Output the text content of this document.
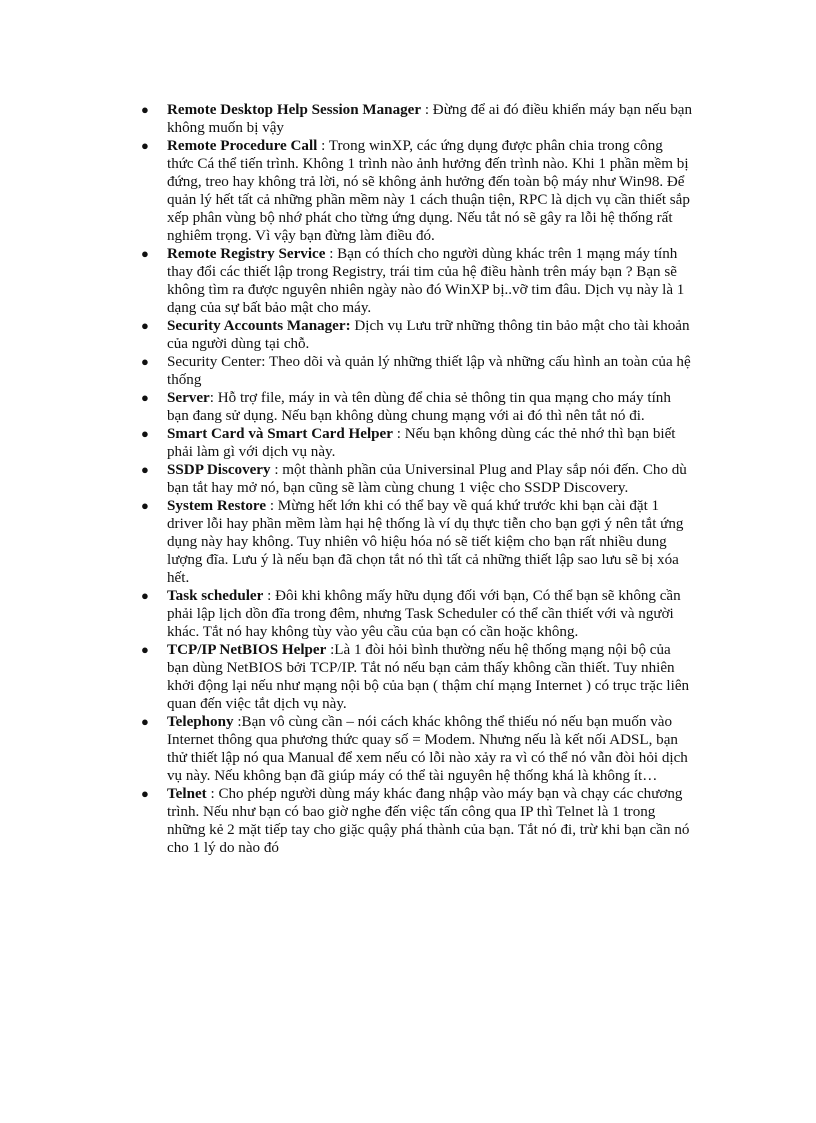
● Remote Desktop Help Session Manager : Đừng để ai đó điều khiển máy bạn nếu bạn không muốn bị vậy
● Remote Procedure Call : Trong winXP, các ứng dụng được phân chia trong công thức Cá thể tiến trình. Không 1 trình nào ảnh hưởng đến trình nào. Khi 1 phần mềm bị đứng, treo hay không trả lời, nó sẽ không ảnh hưởng đến toàn bộ máy như Win98. Để quản lý hết tất cả những phần mềm này 1 cách thuận tiện, RPC là dịch vụ cần thiết sắp xếp phân vùng bộ nhớ phát cho từng ứng dụng. Nếu tắt nó sẽ gây ra lỗi hệ thống rất nghiêm trọng. Vì vậy bạn đừng làm điều đó.
● Remote Registry Service : Bạn có thích cho người dùng khác trên 1 mạng máy tính thay đổi các thiết lập trong Registry, trái tim của hệ điều hành trên máy bạn ? Bạn sẽ không tìm ra được nguyên nhiên ngày nào đó WinXP bị..vỡ tim đâu. Dịch vụ này là 1 dạng của sự bất bảo mật cho máy.
● Security Accounts Manager: Dịch vụ Lưu trữ những thông tin bảo mật cho tài khoản của người dùng tại chỗ.
● Security Center: Theo dõi và quản lý những thiết lập và những cấu hình an toàn của hệ thống
● Server: Hỗ trợ file, máy in và tên dùng để chia sẻ thông tin qua mạng cho máy tính bạn đang sử dụng. Nếu bạn không dùng chung mạng với ai đó thì nên tắt nó đi.
● Smart Card và Smart Card Helper : Nếu bạn không dùng các thẻ nhớ thì bạn biết phải làm gì với dịch vụ này.
● SSDP Discovery : một thành phần của Universinal Plug and Play sắp nói đến. Cho dù bạn tắt hay mở nó, bạn cũng sẽ làm cùng chung 1 việc cho SSDP Discovery.
● System Restore : Mừng hết lớn khi có thể bay về quá khứ trước khi bạn cài đặt 1 driver lỗi hay phần mềm làm hại hệ thống là ví dụ thực tiễn cho bạn gợi ý nên tắt ứng dụng này hay không. Tuy nhiên vô hiệu hóa nó sẽ tiết kiệm cho bạn rất nhiều dung lượng đĩa. Lưu ý là nếu bạn đã chọn tắt nó thì tất cả những thiết lập sao lưu sẽ bị xóa hết.
● Task scheduler : Đôi khi không mấy hữu dụng đối với bạn, Có thể bạn sẽ không cần phải lập lịch dồn đĩa trong đêm, nhưng Task Scheduler có thể cần thiết với và người khác. Tắt nó hay không tùy vào yêu cầu của bạn có cần hoặc không.
● TCP/IP NetBIOS Helper :Là 1 đòi hỏi bình thường nếu hệ thống mạng nội bộ của bạn dùng NetBIOS bởi TCP/IP. Tắt nó nếu bạn cảm thấy không cần thiết. Tuy nhiên khởi động lại nếu như mạng nội bộ của bạn ( thậm chí mạng Internet ) có trục trặc liên quan đến việc tắt dịch vụ này.
● Telephony :Bạn vô cùng cần – nói cách khác không thể thiếu nó nếu bạn muốn vào Internet thông qua phương thức quay số = Modem. Nhưng nếu là kết nối ADSL, bạn thử thiết lập nó qua Manual để xem nếu có lỗi nào xảy ra vì có thể nó vẫn đòi hỏi dịch vụ này. Nếu không bạn đã giúp máy có thể tài nguyên hệ thống khá là không ít…
● Telnet : Cho phép người dùng máy khác đang nhập vào máy bạn và chạy các chương trình. Nếu như bạn có bao giờ nghe đến việc tấn công qua IP thì Telnet là 1 trong những kẻ 2 mặt tiếp tay cho giặc quậy phá thành của bạn. Tắt nó đi, trừ khi bạn cần nó cho 1 lý do nào đó
